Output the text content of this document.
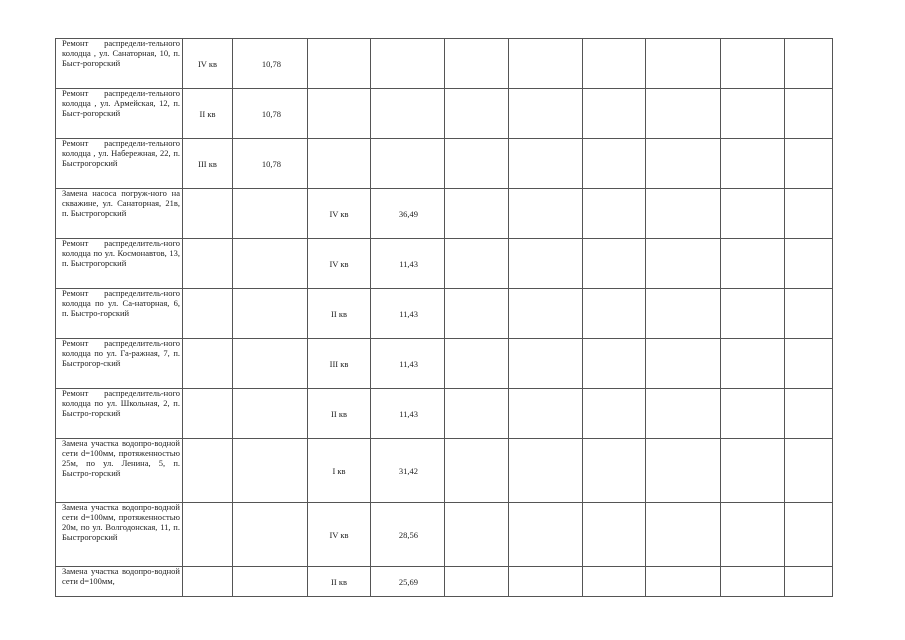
Ремонт распредели-тельного колодца , ул. Санаторная, 10, п. Быст-рогорский	IV кв	10,78								
Ремонт распредели-тельного колодца , ул. Армейская, 12, п. Быст-рогорский	II кв	10,78								
Ремонт распредели-тельного колодца , ул. Набережная, 22, п. Быстрогорский	III кв	10,78								
Замена насоса погруж-ного на скважине, ул. Санаторная, 21в, п. Быстрогорский			IV кв	36,49						
Ремонт распределитель-ного колодца по ул. Космонавтов, 13, п. Быстрогорский			IV кв	11,43						
Ремонт распределитель-ного колодца по ул. Са-наторная, 6, п. Быстро-горский			II кв	11,43						
Ремонт распределитель-ного колодца по ул. Га-ражная, 7, п. Быстрогор-ский			III кв	11,43						
Ремонт распределитель-ного колодца по ул. Школьная, 2, п. Быстро-горский			II кв	11,43						
Замена участка водопро-водной сети d=100мм, протяженностью 25м, по ул. Ленина, 5, п. Быстро-горский			I кв	31,42						
Замена участка водопро-водной сети d=100мм, протяженностью 20м, по ул. Волгодонская, 11, п. Быстрогорский			IV кв	28,56						
Замена участка водопро-водной сети d=100мм,			II кв	25,69						
